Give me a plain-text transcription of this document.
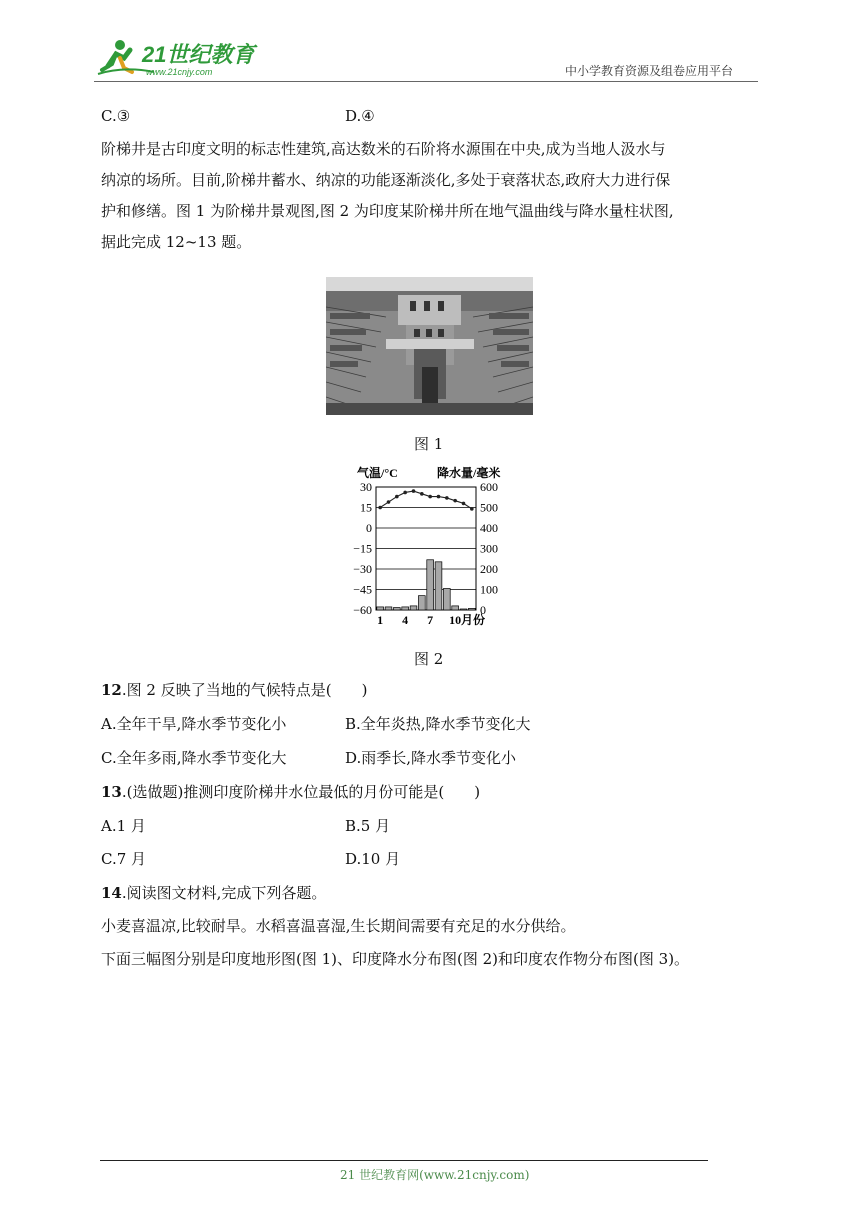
21世纪教育
www.21cnjy.com	中小学教育资源及组卷应用平台
C.③	D.④
阶梯井是古印度文明的标志性建筑,高达数米的石阶将水源围在中央,成为当地人汲水与
纳凉的场所。目前,阶梯井蓄水、纳凉的功能逐渐淡化,多处于衰落状态,政府大力进行保
护和修缮。图 1 为阶梯井景观图,图 2 为印度某阶梯井所在地气温曲线与降水量柱状图,
据此完成 12~13 题。
图 1
气温/°C	降水量/毫米
30
15
0
−15
−30
−45
−60
600
500
400
300
200
100
0
1 4 7 10 月份
图 2
12.图 2 反映了当地的气候特点是(　　)
A.全年干旱,降水季节变化小	B.全年炎热,降水季节变化大
C.全年多雨,降水季节变化大	D.雨季长,降水季节变化小
13.(选做题)推测印度阶梯井水位最低的月份可能是(　　)
A.1 月	B.5 月
C.7 月	D.10 月
14.阅读图文材料,完成下列各题。
小麦喜温凉,比较耐旱。水稻喜温喜湿,生长期间需要有充足的水分供给。
下面三幅图分别是印度地形图(图 1)、印度降水分布图(图 2)和印度农作物分布图(图 3)。
21 世纪教育网(www.21cnjy.com)
